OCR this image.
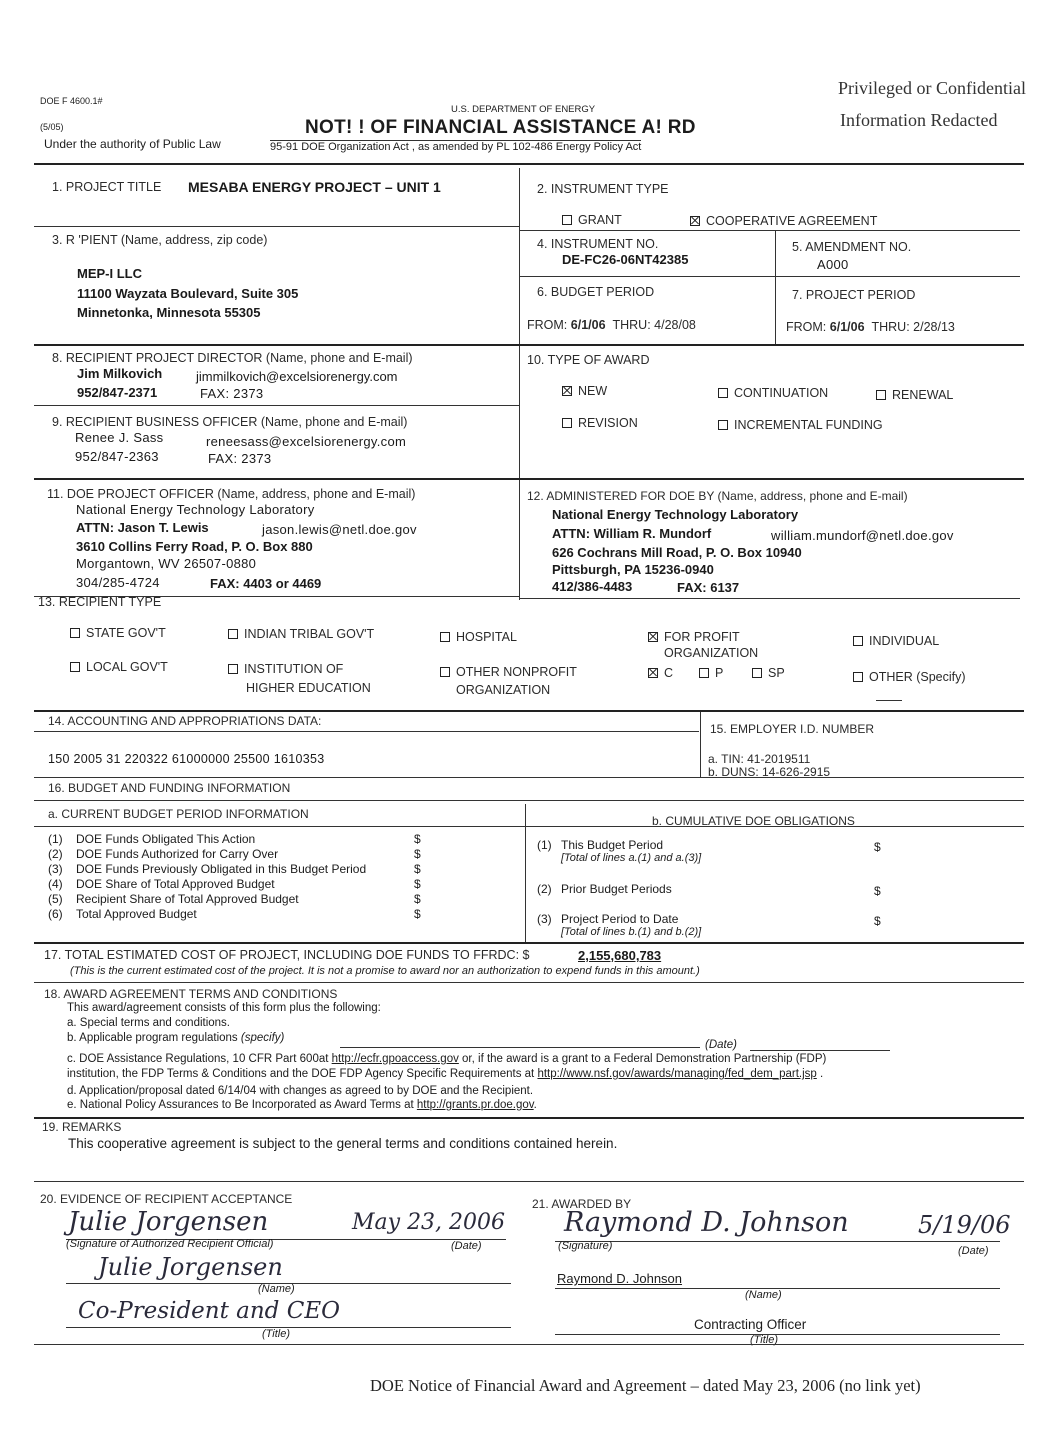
DOE F 4600.1#
(5/05)
U.S. DEPARTMENT OF ENERGY
NOT! ! OF FINANCIAL ASSISTANCE A! RD
Under the authority of Public Law	95-91 DOE Organization Act , as amended by PL 102-486 Energy Policy Act
Privileged or Confidential
Information Redacted
1. PROJECT TITLE MESABA ENERGY PROJECT – UNIT 1	2. INSTRUMENT TYPE
GRANT	COOPERATIVE AGREEMENT
3. R 'PIENT (Name, address, zip code)
MEP-I LLC
11100 Wayzata Boulevard, Suite 305
Minnetonka, Minnesota 55305
4. INSTRUMENT NO.
DE-FC26-06NT42385
5. AMENDMENT NO.
A000
6. BUDGET PERIOD
FROM: 6/1/06 THRU: 4/28/08
7. PROJECT PERIOD
FROM: 6/1/06 THRU: 2/28/13
8. RECIPIENT PROJECT DIRECTOR (Name, phone and E-mail)
Jim Milkovich	jimmilkovich@excelsiorenergy.com
952/847-2371	FAX: 2373
9. RECIPIENT BUSINESS OFFICER (Name, phone and E-mail)
Renee J. Sass	reneesass@excelsiorenergy.com
952/847-2363	FAX: 2373
10. TYPE OF AWARD
NEW	CONTINUATION	RENEWAL
REVISION	INCREMENTAL FUNDING
11. DOE PROJECT OFFICER (Name, address, phone and E-mail)
National Energy Technology Laboratory
ATTN: Jason T. Lewis	jason.lewis@netl.doe.gov
3610 Collins Ferry Road, P. O. Box 880
Morgantown, WV 26507-0880
304/285-4724	FAX: 4403 or 4469
12. ADMINISTERED FOR DOE BY (Name, address, phone and E-mail)
National Energy Technology Laboratory
ATTN: William R. Mundorf	william.mundorf@netl.doe.gov
626 Cochrans Mill Road, P. O. Box 10940
Pittsburgh, PA 15236-0940
412/386-4483	FAX: 6137
13. RECIPIENT TYPE
STATE GOV'T	INDIAN TRIBAL GOV'T	HOSPITAL	FOR PROFIT
ORGANIZATION
INDIVIDUAL
LOCAL GOV'T	INSTITUTION OF
HIGHER EDUCATION
OTHER NONPROFIT
ORGANIZATION
C	P	SP	OTHER (Specify)
14. ACCOUNTING AND APPROPRIATIONS DATA:
150 2005 31 220322 61000000 25500 1610353
15. EMPLOYER I.D. NUMBER
a. TIN: 41-2019511
b. DUNS: 14-626-2915
16. BUDGET AND FUNDING INFORMATION
a. CURRENT BUDGET PERIOD INFORMATION	b. CUMULATIVE DOE OBLIGATIONS
(1) DOE Funds Obligated This Action	$
(2) DOE Funds Authorized for Carry Over	$
(3) DOE Funds Previously Obligated in this Budget Period	$
(4) DOE Share of Total Approved Budget	$
(5) Recipient Share of Total Approved Budget	$
(6) Total Approved Budget	$
(1) This Budget Period
[Total of lines a.(1) and a.(3)]
$
(2) Prior Budget Periods	$
(3) Project Period to Date
[Total of lines b.(1) and b.(2)]
$
17. TOTAL ESTIMATED COST OF PROJECT, INCLUDING DOE FUNDS TO FFRDC: $	2,155,680,783
(This is the current estimated cost of the project. It is not a promise to award nor an authorization to expend funds in this amount.)
18. AWARD AGREEMENT TERMS AND CONDITIONS
This award/agreement consists of this form plus the following:
a. Special terms and conditions.
b. Applicable program regulations (specify)
(Date)
c. DOE Assistance Regulations, 10 CFR Part 600at http://ecfr.gpoaccess.gov or, if the award is a grant to a Federal Demonstration Partnership (FDP)
institution, the FDP Terms & Conditions and the DOE FDP Agency Specific Requirements at http://www.nsf.gov/awards/managing/fed_dem_part.jsp .
d. Application/proposal dated 6/14/04 with changes as agreed to by DOE and the Recipient.
e. National Policy Assurances to Be Incorporated as Award Terms at http://grants.pr.doe.gov.
19. REMARKS
This cooperative agreement is subject to the general terms and conditions contained herein.
20. EVIDENCE OF RECIPIENT ACCEPTANCE
Julie Jorgensen	May 23, 2006
(Signature of Authorized Recipient Official)	(Date)
Julie Jorgensen
(Name)
Co-President and CEO
(Title)
21. AWARDED BY
Raymond D. Johnson	5/19/06
(Signature)	(Date)
Raymond D. Johnson
(Name)
Contracting Officer
(Title)
DOE Notice of Financial Award and Agreement – dated May 23, 2006 (no link yet)
